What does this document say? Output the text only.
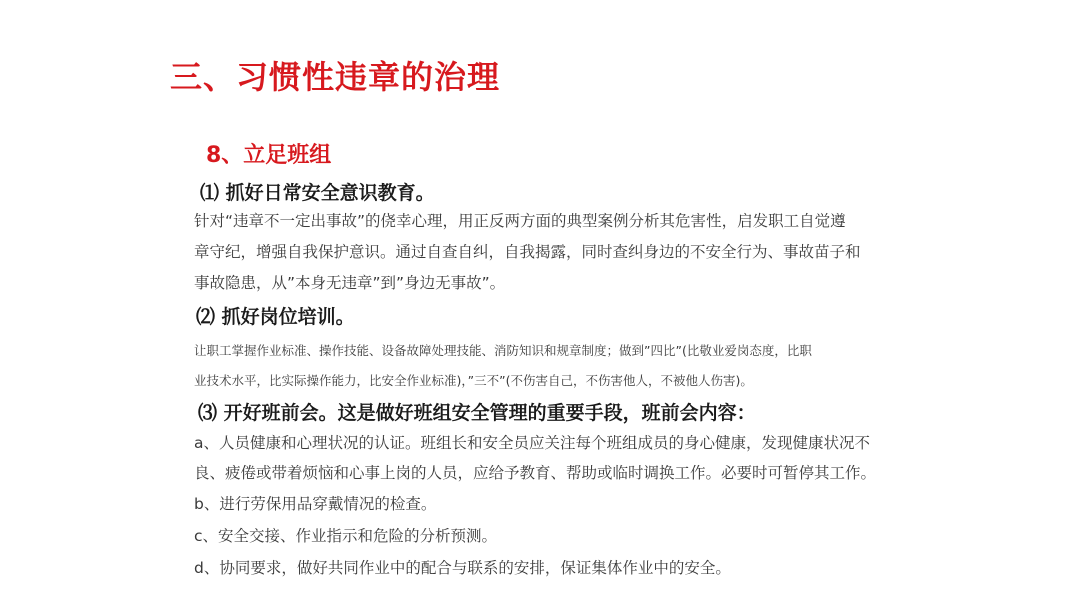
三、习惯性违章的治理
8、立足班组
⑴ 抓好日常安全意识教育。
针对“违章不一定出事故”的侥幸心理，用正反两方面的典型案例分析其危害性，启发职工自觉遵
章守纪，增强自我保护意识。通过自查自纠，自我揭露，同时查纠身边的不安全行为、事故苗子和
事故隐患，从”本身无违章”到”身边无事故”。
⑵ 抓好岗位培训。
让职工掌握作业标准、操作技能、设备故障处理技能、消防知识和规章制度；做到”四比”(比敬业爱岗态度，比职
业技术水平，比实际操作能力，比安全作业标准)，”三不”(不伤害自己，不伤害他人，不被他人伤害)。
⑶ 开好班前会。这是做好班组安全管理的重要手段，班前会内容：
a、人员健康和心理状况的认证。班组长和安全员应关注每个班组成员的身心健康，发现健康状况不
良、疲倦或带着烦恼和心事上岗的人员，应给予教育、帮助或临时调换工作。必要时可暂停其工作。
b、进行劳保用品穿戴情况的检查。
c、安全交接、作业指示和危险的分析预测。
d、协同要求，做好共同作业中的配合与联系的安排，保证集体作业中的安全。
